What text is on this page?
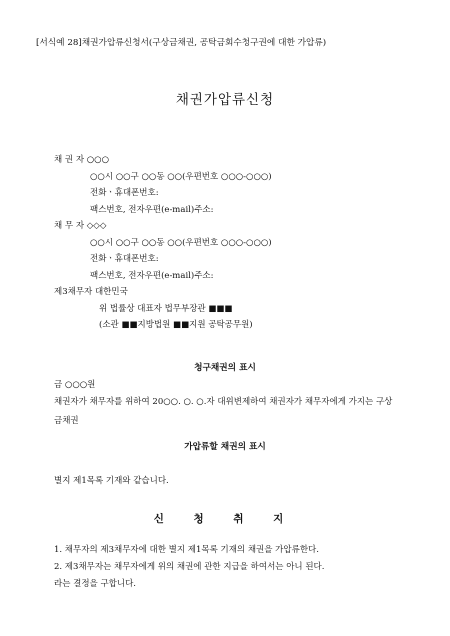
[서식예 28]채권가압류신청서(구상금채권, 공탁금회수청구권에 대한 가압류)
채권가압류신청
채 권 자 ○○○
○○시 ○○구 ○○동 ○○(우편번호 ○○○-○○○)
전화ㆍ휴대폰번호:
팩스번호, 전자우편(e-mail)주소:
채 무 자 ◇◇◇
○○시 ○○구 ○○동 ○○(우편번호 ○○○-○○○)
전화ㆍ휴대폰번호:
팩스번호, 전자우편(e-mail)주소:
제3채무자 대한민국
위 법률상 대표자 법무부장관 ■■■
(소관 ■■지방법원 ■■지원 공탁공무원)
청구채권의 표시
금 ○○○원
채권자가 채무자를 위하여 20○○. ○. ○.자 대위변제하여 채권자가 채무자에게 가지는 구상금채권
가압류할 채권의 표시
별지 제1목록 기재와 같습니다.
신 청 취 지
1. 채무자의 제3채무자에 대한 별지 제1목록 기재의 채권을 가압류한다.
2. 제3채무자는 채무자에게 위의 채권에 관한 지급을 하여서는 아니 된다.
라는 결정을 구합니다.
